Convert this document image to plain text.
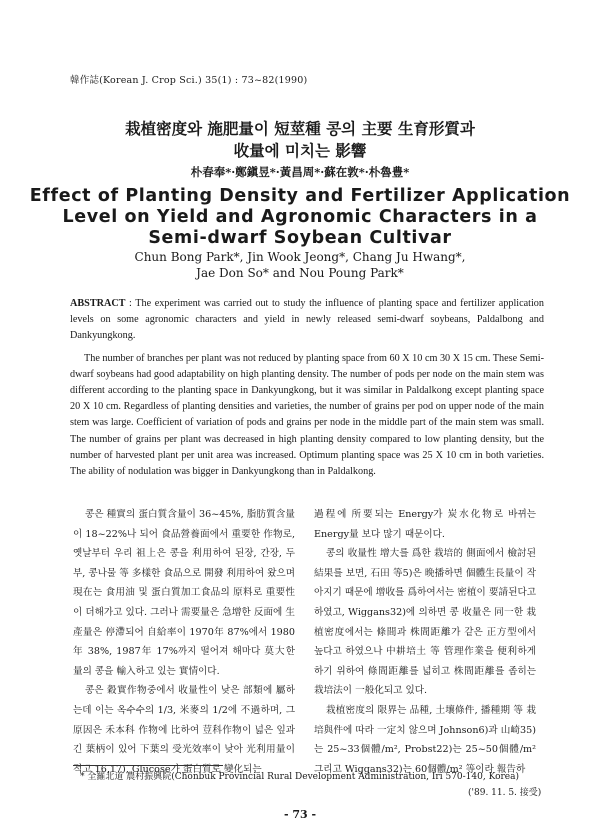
韓作誌(Korean J. Crop Sci.) 35(1) : 73~82(1990)
栽植密度와 施肥量이 短莖種 콩의 主要 生育形質과
收量에 미치는 影響
朴春奉*·鄭鎭昱*·黃昌周*·蘇在敦*·朴魯豊*
Effect of Planting Density and Fertilizer Application
Level on Yield and Agronomic Characters in a
Semi-dwarf Soybean Cultivar
Chun Bong Park*, Jin Wook Jeong*, Chang Ju Hwang*,
Jae Don So* and Nou Poung Park*

ABSTRACT : The experiment was carried out to study the influence of planting space and fertilizer application levels on some agronomic characters and yield in newly released semi-dwarf soybeans, Paldalbong and Dankyungkong.

The number of branches per plant was not reduced by planting space from 60 X 10 cm 30 X 15 cm. These Semi-dwarf soybeans had good adaptability on high planting density. The number of pods per node on the main stem was different according to the planting space in Dankyungkong, but it was similar in Paldalkong except planting space 20 X 10 cm. Regardless of planting densities and varieties, the number of grains per pod on upper node of the main stem was large. Coefficient of variation of pods and grains per node in the middle part of the main stem was small. The number of grains per plant was decreased in high planting density compared to low planting density, but the number of harvested plant per unit area was increased. Optimum planting space was 25 X 10 cm in both varieties. The ability of nodulation was bigger in Dankyungkong than in Paldalkong.

콩은 種實의 蛋白質含量이 36~45%, 脂肪質含量이 18~22%나 되어 食品營養面에서 重要한 作物로, 옛날부터 우리 祖上은 콩을 利用하여 된장, 간장, 두부, 콩나물 等 多樣한 食品으로 開發 利用하여 왔으며 現在는 食用油 및 蛋白質加工食品의 原料로 重要性이 더해가고 있다. 그러나 需要量은 急增한 反面에 生產量은 停滯되어 自給率이 1970年 87%에서 1980年 38%, 1987年 17%까지 떨어져 해마다 莫大한 量의 콩을 輸入하고 있는 實情이다.

콩은 穀實作物중에서 收量性이 낮은 部類에 屬하는데 이는 옥수수의 1/3, 米麥의 1/2에 不過하며, 그 原因은 禾本科 作物에 比하여 荳科作物이 넓은 잎과 긴 葉柄이 있어 下葉의 受光效率이 낮아 光利用量이 적고 16,17), Glucose가 蛋白質로 變化되는

過程에 所要되는 Energy가 炭水化物로 바뀌는 Energy量 보다 많기 때문이다.

콩의 收量性 增大를 爲한 栽培的 側面에서 檢討된 結果를 보면, 石田 等5)은 晩播하면 個體生長量이 작아지기 때문에 增收를 爲하여서는 密植이 要請된다고 하였고, Wiggans32)에 의하면 콩 收量은 同一한 栽植密度에서는 條間과 株間距離가 같은 正方型에서 높다고 하였으나 中耕培土 等 管理作業을 便利하게 하기 위하여 條間距離를 넓히고 株間距離를 좁히는 栽培法이 一般化되고 있다.

栽植密度의 限界는 品種, 土壤條件, 播種期 等 栽培與件에 따라 一定치 않으며 Johnson6)과 山崎35)는 25~33個體/m², Probst22)는 25~50個體/m² 그리고 Wiggans32)는 60個體/m² 等이라 報告하

* 全羅北道 農村振興院(Chonbuk Provincial Rural Development Administration, Iri 570-140, Korea)
('89. 11. 5. 接受)
- 73 -
